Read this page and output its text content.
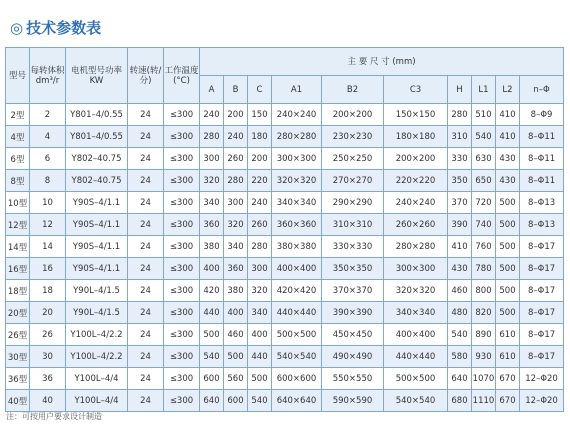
◎ 技术参数表
型号	每转体积dm³/r	电机型号功率KW	转速(转/分)	工作温度(°C)	主 要 尺 寸 (mm)									
					A	B	C	A1	B2	C3	H	L1	L2	n–Φ
2型	2	Y801–4/0.55	24	≤300	240	200	150	240×240	200×200	150×150	280	510	410	8–Φ9
4型	4	Y801–4/0.55	24	≤300	280	240	180	280×280	230×230	180×180	310	540	410	8–Φ11
6型	6	Y802–40.75	24	≤300	300	260	200	300×300	250×250	200×200	330	630	430	8–Φ11
8型	8	Y802–40.75	24	≤300	320	280	220	320×320	270×270	220×220	350	650	430	8–Φ11
10型	10	Y90S–4/1.1	24	≤300	340	300	240	340×340	290×290	240×240	370	720	500	8–Φ13
12型	12	Y90S–4/1.1	24	≤300	360	320	260	360×360	310×310	260×260	390	740	500	8–Φ13
14型	14	Y90S–4/1.1	24	≤300	380	340	280	380×380	330×330	280×280	410	760	500	8–Φ17
16型	16	Y90S–4/1.1	24	≤300	400	360	300	400×400	350×350	300×300	430	780	500	8–Φ17
18型	18	Y90L–4/1.5	24	≤300	420	380	320	420×420	370×370	320×320	460	800	500	8–Φ17
20型	20	Y90L–4/1.5	24	≤300	440	400	340	440×440	390×390	340×340	480	820	500	8–Φ17
26型	26	Y100L–4/2.2	24	≤300	500	460	400	500×500	450×450	400×400	540	890	610	8–Φ17
30型	30	Y100L–4/2.2	24	≤300	540	500	440	540×540	490×490	440×440	580	930	610	8–Φ17
36型	36	Y100L–4/4	24	≤300	600	560	500	600×600	550×550	500×500	640	1070	670	12–Φ20
40型	40	Y100L–4/4	24	≤300	640	600	540	640×640	590×590	540×540	680	1110	670	12–Φ20
注：可按用户要求设计制造
